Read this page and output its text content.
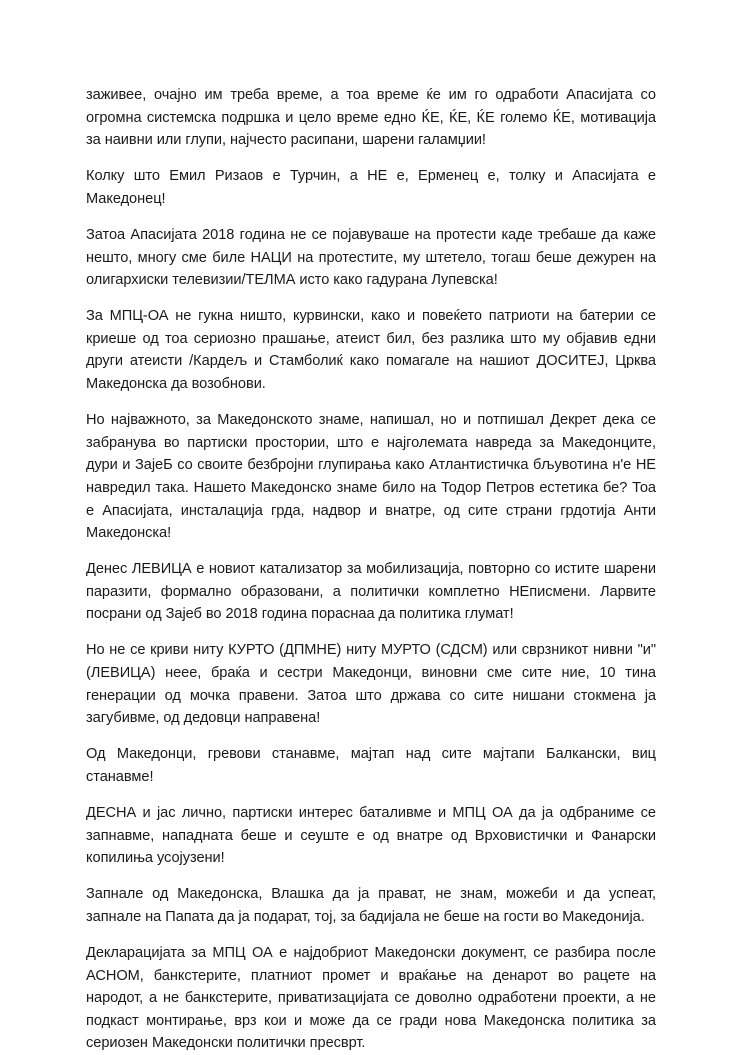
заживее, очајно им треба време, а тоа време ќе им го одработи Апасијата со огромна системска подршка и цело време едно ЌЕ, ЌЕ, ЌЕ големо ЌЕ, мотивација за наивни или глупи, најчесто расипани, шарени галамџии!

Колку што Емил Ризаов е Турчин, а НЕ е, Ерменец е, толку и Апасијата е Македонец!

Затоа Апасијата 2018 година не се појавуваше на протести каде требаше да каже нешто, многу сме биле НАЦИ на протестите, му штетело, тогаш беше дежурен на олигархиски телевизии/ТЕЛМА исто како гадурана Лупевска!

За МПЦ-ОА не гукна ништо, курвински, како и повеќето патриоти на батерии се криеше од тоа сериозно прашање, атеист бил, без разлика што му објавив едни други атеисти /Кардељ и Стамболиќ како помагале на нашиот ДОСИТЕЈ, Црква Македонска да возобнови.

Но најважното, за Македонското знаме, напишал, но и потпишал Декрет дека се забранува во партиски простории, што е најголемата навреда за Македонците, дури и ЗајеБ со своите безбројни глупирања како Атлантистичка бљувотина н'е НЕ навредил така. Нашето Македонско знаме било на Тодор Петров естетика бе? Тоа е Апасијата, инсталација грда, надвор и внатре, од сите страни грдотија Анти Македонска!

Денес ЛЕВИЦА е новиот катализатор за мобилизација, повторно со истите шарени паразити, формално образовани, а политички комплетно НЕписмени. Ларвите посрани од Зајеб во 2018 година пораснаа да политика глумат!

Но не се криви ниту КУРТО (ДПМНЕ) ниту МУРТО (СДСМ) или сврзникот нивни "и" (ЛЕВИЦА) неее, браќа и сестри Македонци, виновни сме сите ние, 10 тина генерации од мочка правени. Затоа што држава со сите нишани стокмена ја загубивме, од дедовци направена!

Од Македонци, гревови станавме, мајтап над сите мајтапи Балкански, виц станавме!

ДЕСНА и јас лично, партиски интерес баталивме и МПЦ ОА да ја одбраниме се запнавме, нападната беше и сеуште е од внатре од Врховистички и Фанарски копилиња усојузени!

Запнале од Македонска, Влашка да ја прават, не знам, можеби и да успеат, запнале на Папата да ја подарат, тој, за бадијала не беше на гости во Македонија.

Декларацијата за МПЦ ОА е најдобриот Македонски документ, се разбира после АСНОМ, банкстерите, платниот промет и враќање на денарот во рацете на народот, а не банкстерите, приватизацијата се доволно одработени проекти, а не подкаст монтирање, врз кои и може да се гради нова Македонска политика за сериозен Македонски политички пресврт.
